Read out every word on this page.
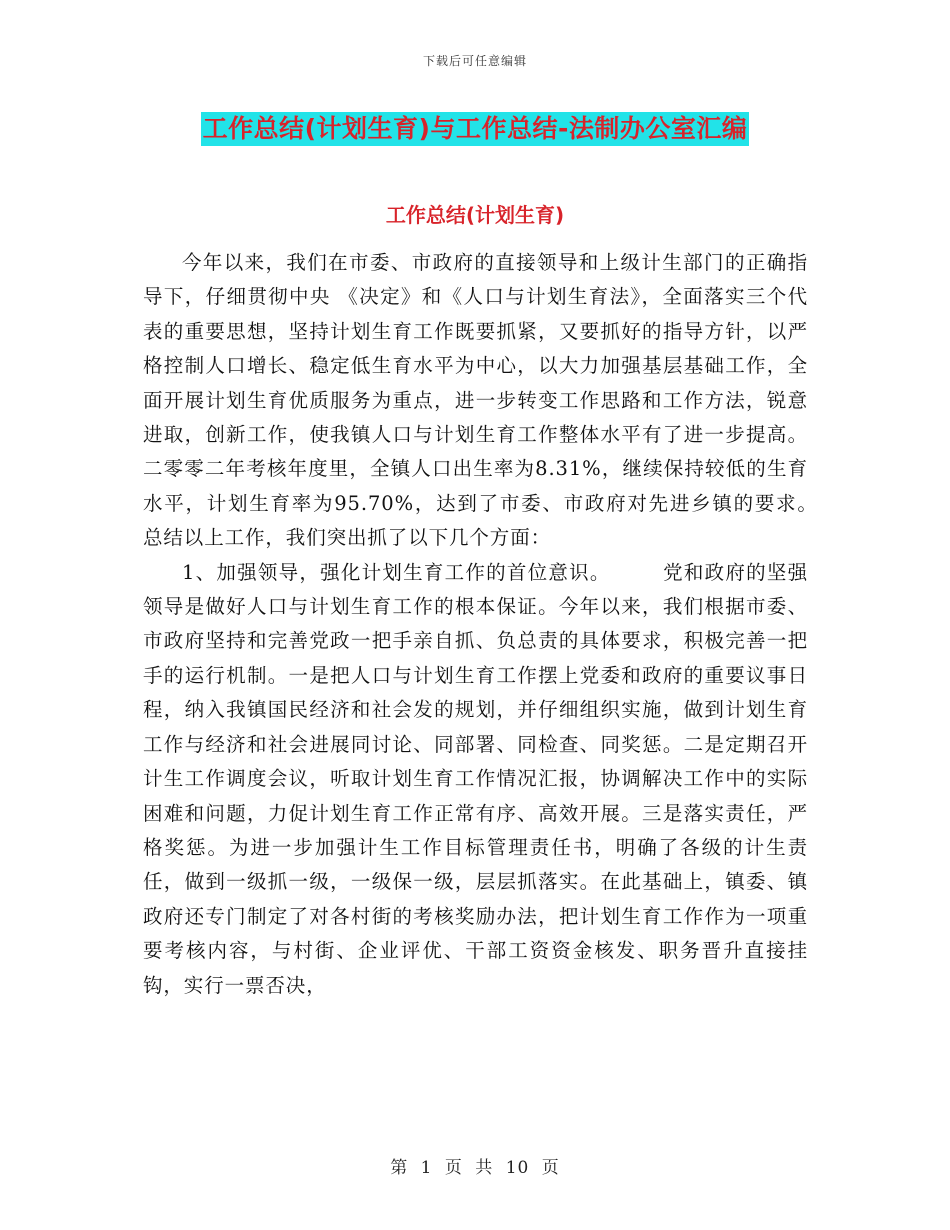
下载后可任意编辑
工作总结(计划生育)与工作总结-法制办公室汇编
工作总结(计划生育)

今年以来，我们在市委、市政府的直接领导和上级计生部门的正确指导下，仔细贯彻中央 《决定》和《人口与计划生育法》，全面落实三个代表的重要思想，坚持计划生育工作既要抓紧，又要抓好的指导方针，以严格控制人口增长、稳定低生育水平为中心，以大力加强基层基础工作，全面开展计划生育优质服务为重点，进一步转变工作思路和工作方法，锐意进取，创新工作，使我镇人口与计划生育工作整体水平有了进一步提高。二零零二年考核年度里，全镇人口出生率为8.31%，继续保持较低的生育水平，计划生育率为95.70%，达到了市委、市政府对先进乡镇的要求。　　　总结以上工作，我们突出抓了以下几个方面：

1、加强领导，强化计划生育工作的首位意识。　　　党和政府的坚强领导是做好人口与计划生育工作的根本保证。今年以来，我们根据市委、市政府坚持和完善党政一把手亲自抓、负总责的具体要求，积极完善一把手的运行机制。一是把人口与计划生育工作摆上党委和政府的重要议事日程，纳入我镇国民经济和社会发的规划，并仔细组织实施，做到计划生育工作与经济和社会进展同讨论、同部署、同检查、同奖惩。二是定期召开计生工作调度会议，听取计划生育工作情况汇报，协调解决工作中的实际困难和问题，力促计划生育工作正常有序、高效开展。三是落实责任，严格奖惩。为进一步加强计生工作目标管理责任书，明确了各级的计生责任，做到一级抓一级，一级保一级，层层抓落实。在此基础上，镇委、镇政府还专门制定了对各村街的考核奖励办法，把计划生育工作作为一项重要考核内容，与村街、企业评优、干部工资资金核发、职务晋升直接挂钩，实行一票否决，

第 1 页 共 10 页
